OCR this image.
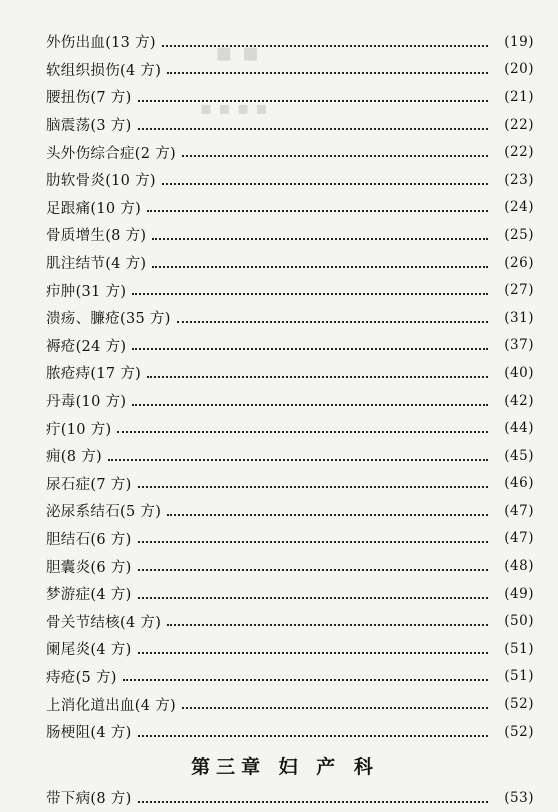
▪ ▪
▪ ▪ ▪ ▪
外伤出血(13 方)	(19)
软组织损伤(4 方)	(20)
腰扭伤(7 方)	(21)
脑震荡(3 方)	(22)
头外伤综合症(2 方)	(22)
肋软骨炎(10 方)	(23)
足跟痛(10 方)	(24)
骨质增生(8 方)	(25)
肌注结节(4 方)	(26)
疖肿(31 方)	(27)
溃疡、臁疮(35 方)	(31)
褥疮(24 方)	(37)
脓疮痔(17 方)	(40)
丹毒(10 方)	(42)
疔(10 方)	(44)
痈(8 方)	(45)
尿石症(7 方)	(46)
泌尿系结石(5 方)	(47)
胆结石(6 方)	(47)
胆囊炎(6 方)	(48)
梦游症(4 方)	(49)
骨关节结核(4 方)	(50)
阑尾炎(4 方)	(51)
痔疮(5 方)	(51)
上消化道出血(4 方)	(52)
肠梗阻(4 方)	(52)
第三章 妇 产 科
带下病(8 方)	(53)
